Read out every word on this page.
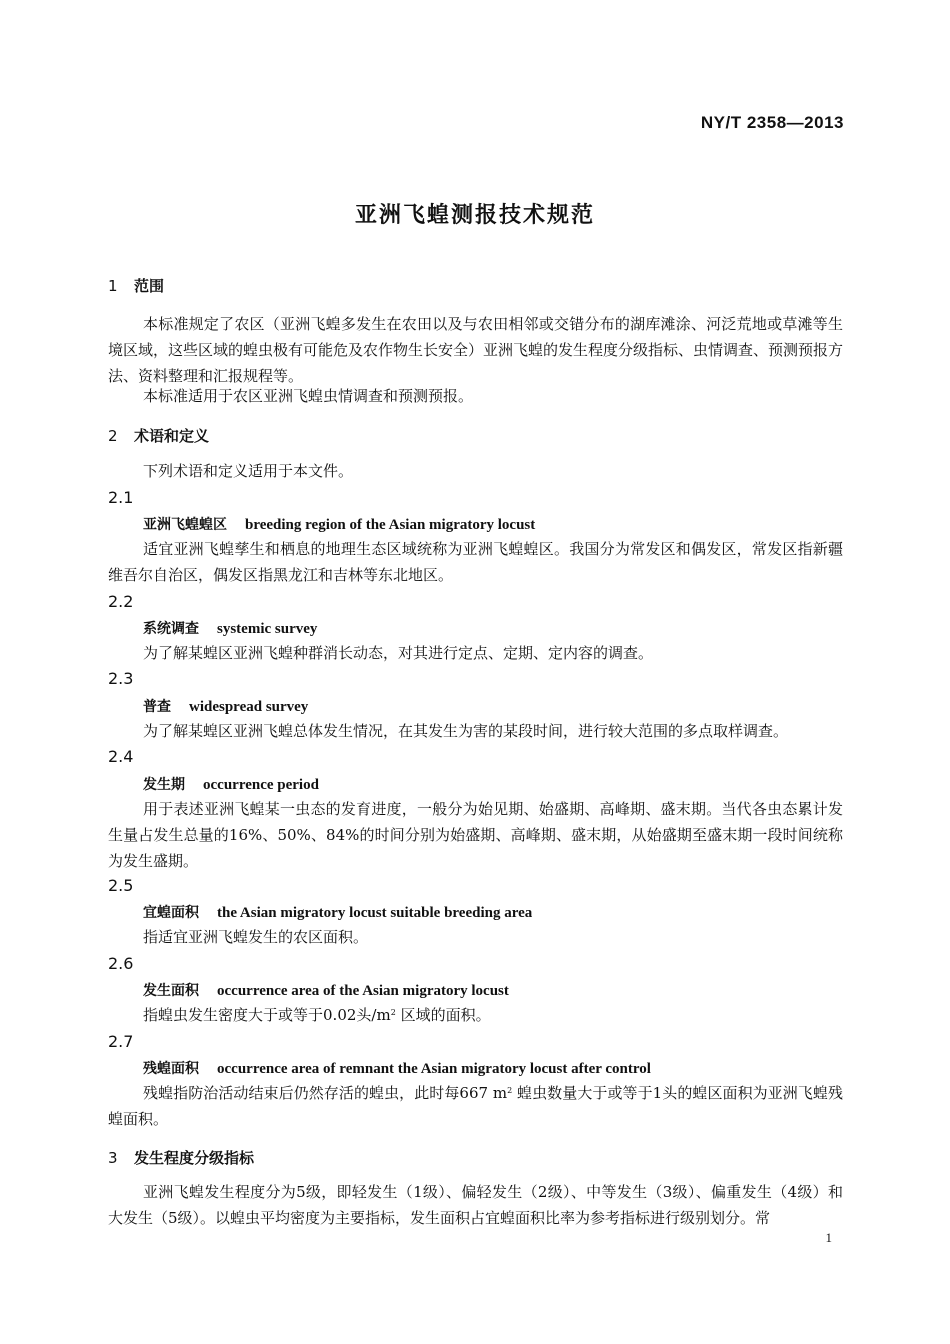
NY/T 2358—2013
亚洲飞蝗测报技术规范
1 范围

本标准规定了农区（亚洲飞蝗多发生在农田以及与农田相邻或交错分布的湖库滩涂、河泛荒地或草滩等生境区域，这些区域的蝗虫极有可能危及农作物生长安全）亚洲飞蝗的发生程度分级指标、虫情调查、预测预报方法、资料整理和汇报规程等。

本标准适用于农区亚洲飞蝗虫情调查和预测预报。

2 术语和定义

下列术语和定义适用于本文件。

2.1
亚洲飞蝗蝗区 breeding region of the Asian migratory locust

适宜亚洲飞蝗孳生和栖息的地理生态区域统称为亚洲飞蝗蝗区。我国分为常发区和偶发区，常发区指新疆维吾尔自治区，偶发区指黑龙江和吉林等东北地区。

2.2
系统调查 systemic survey

为了解某蝗区亚洲飞蝗种群消长动态，对其进行定点、定期、定内容的调查。

2.3
普查 widespread survey

为了解某蝗区亚洲飞蝗总体发生情况，在其发生为害的某段时间，进行较大范围的多点取样调查。

2.4
发生期 occurrence period

用于表述亚洲飞蝗某一虫态的发育进度，一般分为始见期、始盛期、高峰期、盛末期。当代各虫态累计发生量占发生总量的16%、50%、84%的时间分别为始盛期、高峰期、盛末期，从始盛期至盛末期一段时间统称为发生盛期。

2.5
宜蝗面积 the Asian migratory locust suitable breeding area

指适宜亚洲飞蝗发生的农区面积。

2.6
发生面积 occurrence area of the Asian migratory locust

指蝗虫发生密度大于或等于0.02头$/m^2$ 区域的面积。

2.7
残蝗面积 occurrence area of remnant the Asian migratory locust after control

残蝗指防治活动结束后仍然存活的蝗虫，此时每667 $m^2$ 蝗虫数量大于或等于1头的蝗区面积为亚洲飞蝗残蝗面积。

3 发生程度分级指标

亚洲飞蝗发生程度分为5级，即轻发生（1级）、偏轻发生（2级）、中等发生（3级）、偏重发生（4级）和大发生（5级）。以蝗虫平均密度为主要指标，发生面积占宜蝗面积比率为参考指标进行级别划分。常

1
